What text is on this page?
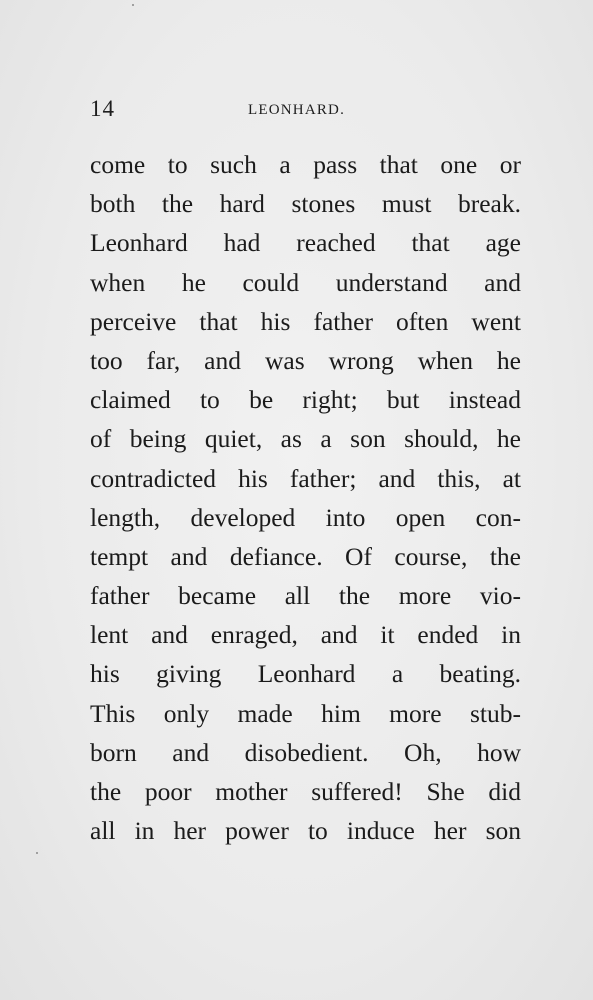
14	LEONHARD.
come to such a pass that one or
both the hard stones must break.
Leonhard had reached that age
when he could understand and
perceive that his father often went
too far, and was wrong when he
claimed to be right; but instead
of being quiet, as a son should, he
contradicted his father; and this, at
length, developed into open con-
tempt and defiance. Of course, the
father became all the more vio-
lent and enraged, and it ended in
his giving Leonhard a beating.
This only made him more stub-
born and disobedient. Oh, how
the poor mother suffered! She did
all in her power to induce her son
